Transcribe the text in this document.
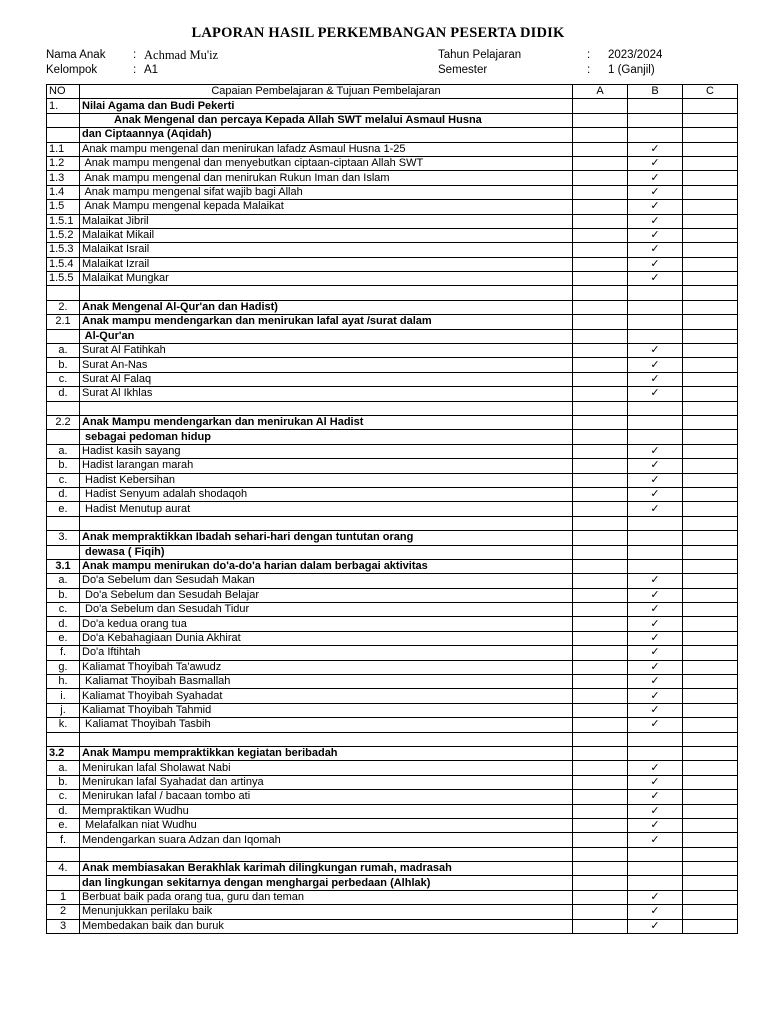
LAPORAN HASIL PERKEMBANGAN PESERTA DIDIK
Nama Anak : Achmad Mu'iz
Kelompok	: A1
Tahun Pelajaran	: 2023/2024
Semester	: 1 (Ganjil)
NO	Capaian Pembelajaran & Tujuan Pembelajaran	A	B	C
1.	Nilai Agama dan Budi Pekerti			
	Anak Mengenal dan percaya Kepada Allah SWT melalui Asmaul Husna			
	dan Ciptaannya (Aqidah)			
1.1	Anak mampu mengenal dan menirukan lafadz Asmaul Husna 1-25		✓	
1.2	Anak mampu mengenal dan menyebutkan ciptaan-ciptaan Allah SWT		✓	
1.3	Anak mampu mengenal dan menirukan Rukun Iman dan Islam		✓	
1.4	Anak mampu mengenal sifat wajib bagi Allah		✓	
1.5	Anak Mampu mengenal kepada Malaikat		✓	
1.5.1	Malaikat Jibril		✓	
1.5.2	Malaikat Mikail		✓	
1.5.3	Malaikat Israil		✓	
1.5.4	Malaikat Izrail		✓	
1.5.5	Malaikat Mungkar		✓	

2.	Anak Mengenal Al-Qur'an dan Hadist)			
2.1	Anak mampu mendengarkan dan menirukan lafal ayat /surat dalam			
	Al-Qur'an			
a.	Surat Al Fatihkah		✓	
b.	Surat An-Nas		✓	
c.	Surat Al Falaq		✓	
d.	Surat Al Ikhlas		✓	

2.2	Anak Mampu mendengarkan dan menirukan Al Hadist			
	sebagai pedoman hidup			
a.	Hadist kasih sayang		✓	
b.	Hadist larangan marah		✓	
c.	Hadist Kebersihan		✓	
d.	Hadist Senyum adalah shodaqoh		✓	
e.	Hadist Menutup aurat		✓	

3.	Anak mempraktikkan Ibadah sehari-hari dengan tuntutan orang			
	dewasa ( Fiqih)			
3.1	Anak mampu menirukan do'a-do'a harian dalam berbagai aktivitas			
a.	Do'a Sebelum dan Sesudah Makan		✓	
b.	Do'a Sebelum dan Sesudah Belajar		✓	
c.	Do'a Sebelum dan Sesudah Tidur		✓	
d.	Do'a kedua orang tua		✓	
e.	Do'a Kebahagiaan Dunia Akhirat		✓	
f.	Do'a Iftihtah		✓	
g.	Kaliamat Thoyibah Ta'awudz		✓	
h.	Kaliamat Thoyibah Basmallah		✓	
i.	Kaliamat Thoyibah Syahadat		✓	
j.	Kaliamat Thoyibah Tahmid		✓	
k.	Kaliamat Thoyibah Tasbih		✓	

3.2	Anak Mampu mempraktikkan kegiatan beribadah			
a.	Menirukan lafal Sholawat Nabi		✓	
b.	Menirukan lafal Syahadat dan artinya		✓	
c.	Menirukan lafal / bacaan tombo ati		✓	
d.	Mempraktikan Wudhu		✓	
e.	Melafalkan niat Wudhu		✓	
f.	Mendengarkan suara Adzan dan Iqomah		✓	

4.	Anak membiasakan Berakhlak karimah dilingkungan rumah, madrasah			
	dan lingkungan sekitarnya dengan menghargai perbedaan (Alhlak)			
1	Berbuat baik pada orang tua, guru dan teman		✓	
2	Menunjukkan perilaku baik		✓	
3	Membedakan baik dan buruk		✓	
